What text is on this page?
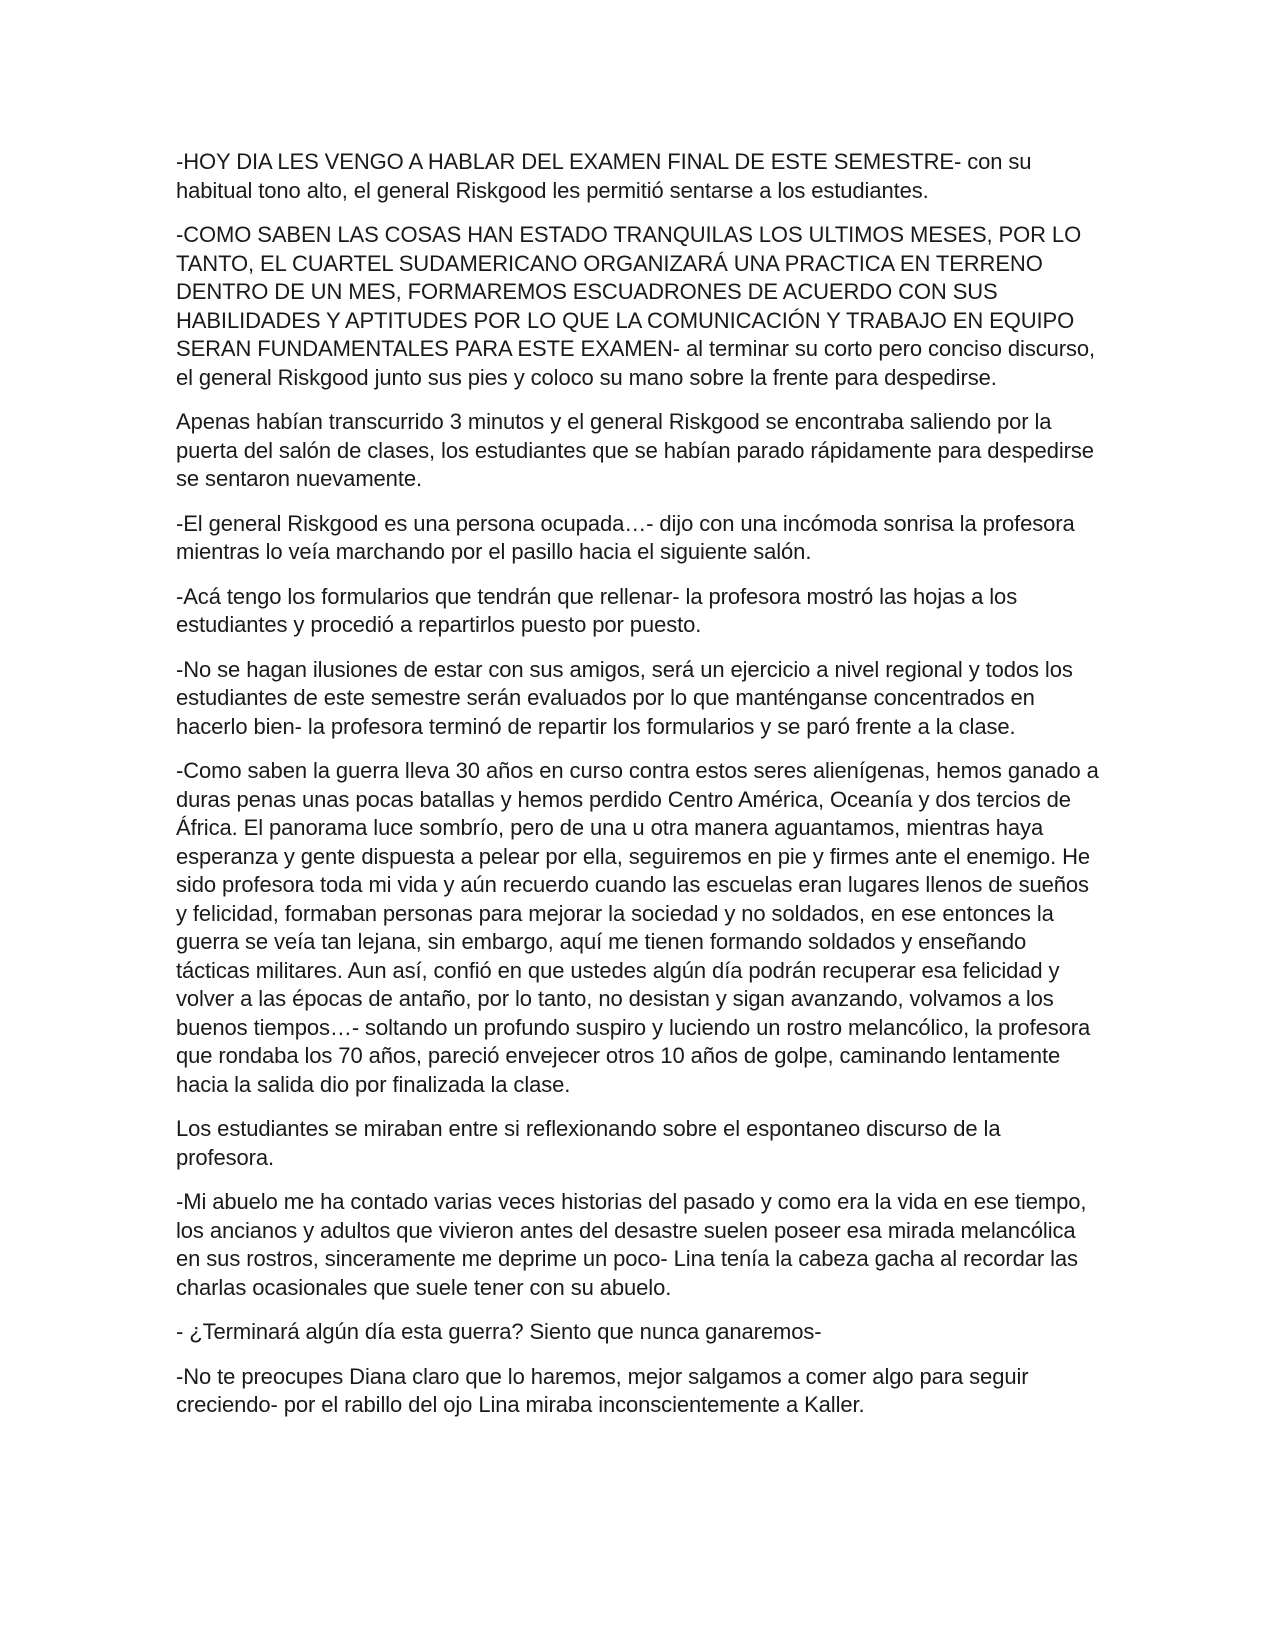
-HOY DIA LES VENGO A HABLAR DEL EXAMEN FINAL DE ESTE SEMESTRE- con su habitual tono alto, el general Riskgood les permitió sentarse a los estudiantes.

-COMO SABEN LAS COSAS HAN ESTADO TRANQUILAS LOS ULTIMOS MESES, POR LO TANTO, EL CUARTEL SUDAMERICANO ORGANIZARÁ UNA PRACTICA EN TERRENO DENTRO DE UN MES, FORMAREMOS ESCUADRONES DE ACUERDO CON SUS HABILIDADES Y APTITUDES POR LO QUE LA COMUNICACIÓN Y TRABAJO EN EQUIPO SERAN FUNDAMENTALES PARA ESTE EXAMEN- al terminar su corto pero conciso discurso, el general Riskgood junto sus pies y coloco su mano sobre la frente para despedirse.

Apenas habían transcurrido 3 minutos y el general Riskgood se encontraba saliendo por la puerta del salón de clases, los estudiantes que se habían parado rápidamente para despedirse se sentaron nuevamente.

-El general Riskgood es una persona ocupada…- dijo con una incómoda sonrisa la profesora mientras lo veía marchando por el pasillo hacia el siguiente salón.

-Acá tengo los formularios que tendrán que rellenar- la profesora mostró las hojas a los estudiantes y procedió a repartirlos puesto por puesto.

-No se hagan ilusiones de estar con sus amigos, será un ejercicio a nivel regional y todos los estudiantes de este semestre serán evaluados por lo que manténganse concentrados en hacerlo bien- la profesora terminó de repartir los formularios y se paró frente a la clase.

-Como saben la guerra lleva 30 años en curso contra estos seres alienígenas, hemos ganado a duras penas unas pocas batallas y hemos perdido Centro América, Oceanía y dos tercios de África. El panorama luce sombrío, pero de una u otra manera aguantamos, mientras haya esperanza y gente dispuesta a pelear por ella, seguiremos en pie y firmes ante el enemigo. He sido profesora toda mi vida y aún recuerdo cuando las escuelas eran lugares llenos de sueños y felicidad, formaban personas para mejorar la sociedad y no soldados, en ese entonces la guerra se veía tan lejana, sin embargo, aquí me tienen formando soldados y enseñando tácticas militares. Aun así, confió en que ustedes algún día podrán recuperar esa felicidad y volver a las épocas de antaño, por lo tanto, no desistan y sigan avanzando, volvamos a los buenos tiempos…- soltando un profundo suspiro y luciendo un rostro melancólico, la profesora que rondaba los 70 años, pareció envejecer otros 10 años de golpe, caminando lentamente hacia la salida dio por finalizada la clase.

Los estudiantes se miraban entre si reflexionando sobre el espontaneo discurso de la profesora.

-Mi abuelo me ha contado varias veces historias del pasado y como era la vida en ese tiempo, los ancianos y adultos que vivieron antes del desastre suelen poseer esa mirada melancólica en sus rostros, sinceramente me deprime un poco- Lina tenía la cabeza gacha al recordar las charlas ocasionales que suele tener con su abuelo.

- ¿Terminará algún día esta guerra? Siento que nunca ganaremos-

-No te preocupes Diana claro que lo haremos, mejor salgamos a comer algo para seguir creciendo- por el rabillo del ojo Lina miraba inconscientemente a Kaller.
